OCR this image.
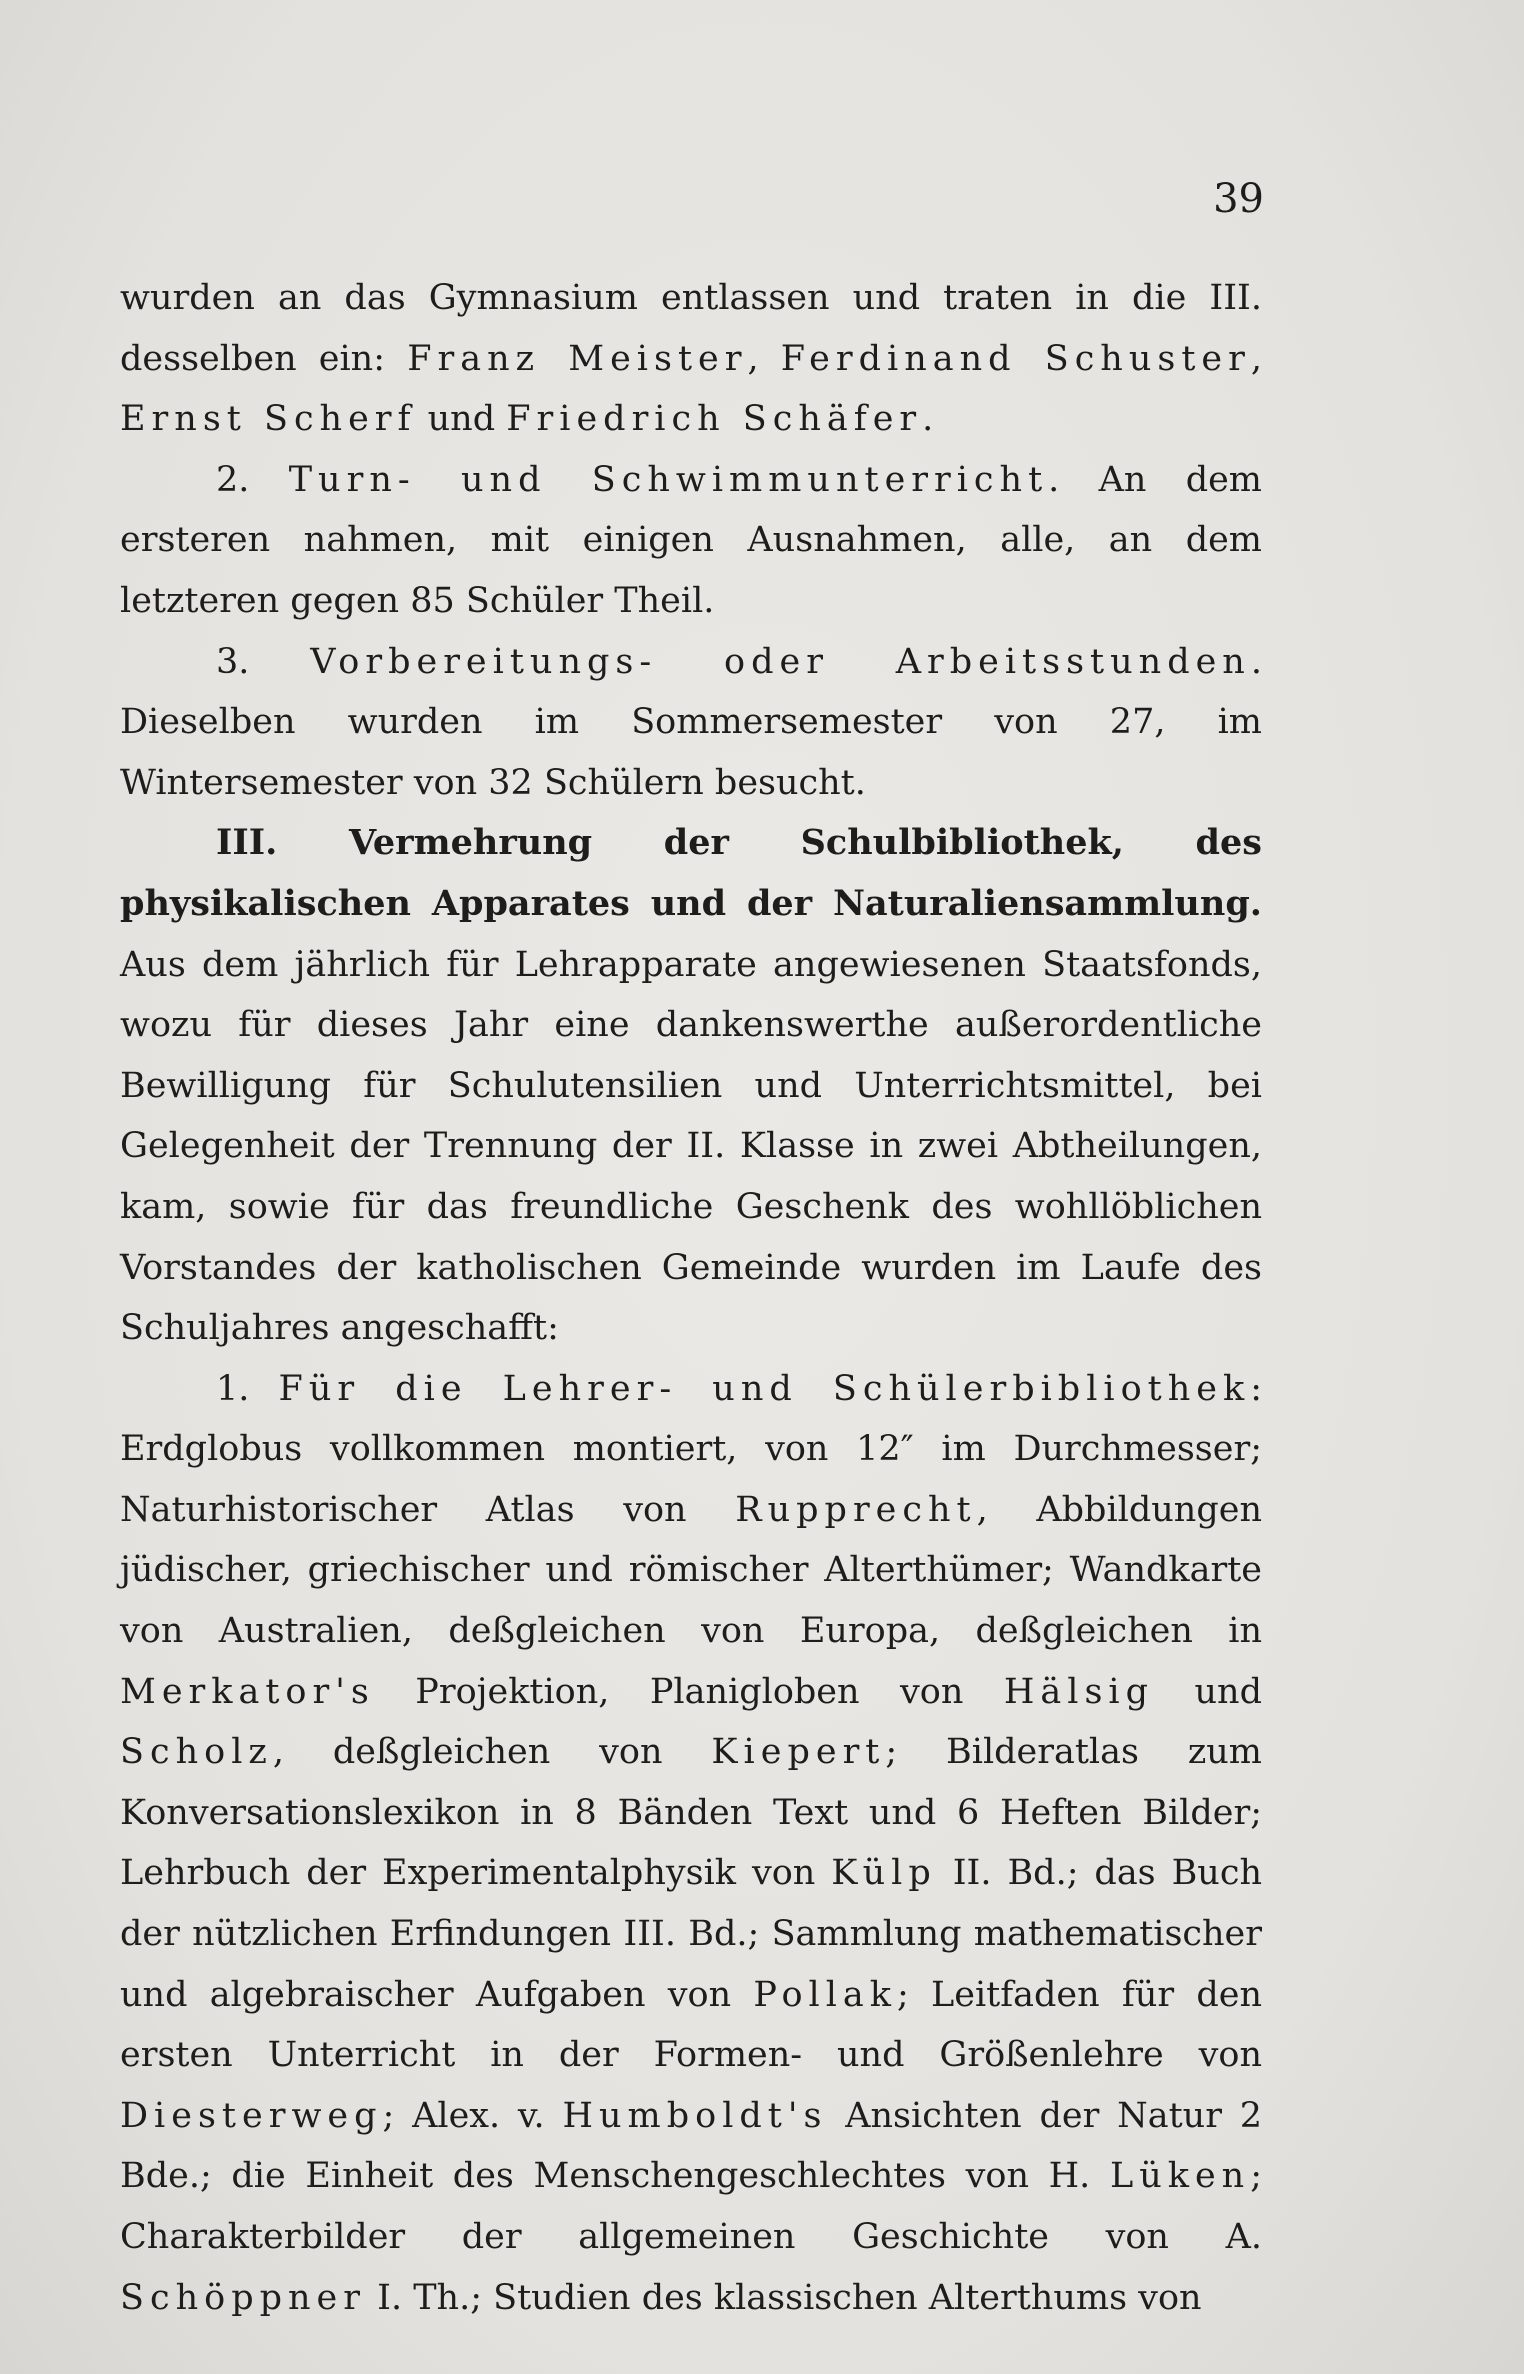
39

wurden an das Gymnasium entlassen und traten in die III. desselben ein: Franz Meister, Ferdinand Schuster, Ernst Scherf und Friedrich Schäfer.

2. Turn- und Schwimmunterricht. An dem ersteren nahmen, mit einigen Ausnahmen, alle, an dem letzteren gegen 85 Schüler Theil.

3. Vorbereitungs- oder Arbeitsstunden. Dieselben wurden im Sommersemester von 27, im Wintersemester von 32 Schülern besucht.

III. Vermehrung der Schulbibliothek, des physikalischen Apparates und der Naturaliensammlung. Aus dem jährlich für Lehrapparate angewiesenen Staatsfonds, wozu für dieses Jahr eine dankenswerthe außerordentliche Bewilligung für Schulutensilien und Unterrichtsmittel, bei Gelegenheit der Trennung der II. Klasse in zwei Abtheilungen, kam, sowie für das freundliche Geschenk des wohllöblichen Vorstandes der katholischen Gemeinde wurden im Laufe des Schuljahres angeschafft:

1. Für die Lehrer- und Schülerbibliothek: Erdglobus vollkommen montiert, von 12″ im Durchmesser; Naturhistorischer Atlas von Rupprecht, Abbildungen jüdischer, griechischer und römischer Alterthümer; Wandkarte von Australien, deßgleichen von Europa, deßgleichen in Merkator's Projektion, Planigloben von Hälsig und Scholz, deßgleichen von Kiepert; Bilderatlas zum Konversationslexikon in 8 Bänden Text und 6 Heften Bilder; Lehrbuch der Experimentalphysik von Külp II. Bd.; das Buch der nützlichen Erfindungen III. Bd.; Sammlung mathematischer und algebraischer Aufgaben von Pollak; Leitfaden für den ersten Unterricht in der Formen- und Größenlehre von Diesterweg; Alex. v. Humboldt's Ansichten der Natur 2 Bde.; die Einheit des Menschengeschlechtes von H. Lüken; Charakterbilder der allgemeinen Geschichte von A. Schöppner I. Th.; Studien des klassischen Alterthums von
